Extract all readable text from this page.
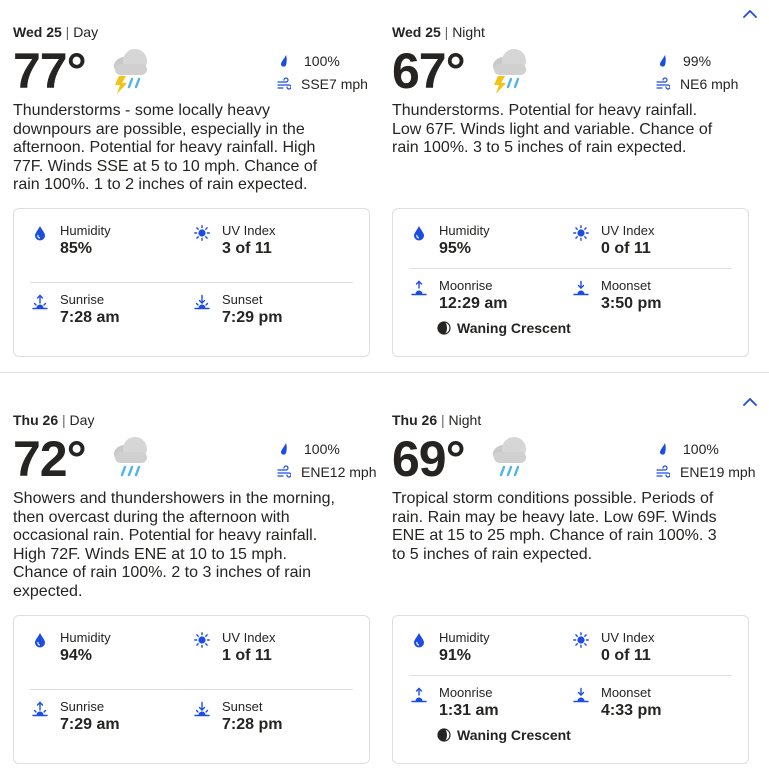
Wed 25 | Day
77°	100%
SSE7 mph

Thunderstorms - some locally heavy downpours are possible, especially in the afternoon. Potential for heavy rainfall. High 77F. Winds SSE at 5 to 10 mph. Chance of rain 100%. 1 to 2 inches of rain expected.

Humidity
85%
UV Index
3 of 11
Sunrise
7:28 am
Sunset
7:29 pm
Wed 25 | Night
67°	99%
NE6 mph

Thunderstorms. Potential for heavy rainfall. Low 67F. Winds light and variable. Chance of rain 100%. 3 to 5 inches of rain expected.

Humidity
95%
UV Index
0 of 11
Moonrise
12:29 am
Moonset
3:50 pm
Waning Crescent
Thu 26 | Day
72°	100%
ENE12 mph

Showers and thundershowers in the morning, then overcast during the afternoon with occasional rain. Potential for heavy rainfall. High 72F. Winds ENE at 10 to 15 mph. Chance of rain 100%. 2 to 3 inches of rain expected.

Humidity
94%
UV Index
1 of 11
Sunrise
7:29 am
Sunset
7:28 pm
Thu 26 | Night
69°	100%
ENE19 mph

Tropical storm conditions possible. Periods of rain. Rain may be heavy late. Low 69F. Winds ENE at 15 to 25 mph. Chance of rain 100%. 3 to 5 inches of rain expected.

Humidity
91%
UV Index
0 of 11
Moonrise
1:31 am
Moonset
4:33 pm
Waning Crescent
